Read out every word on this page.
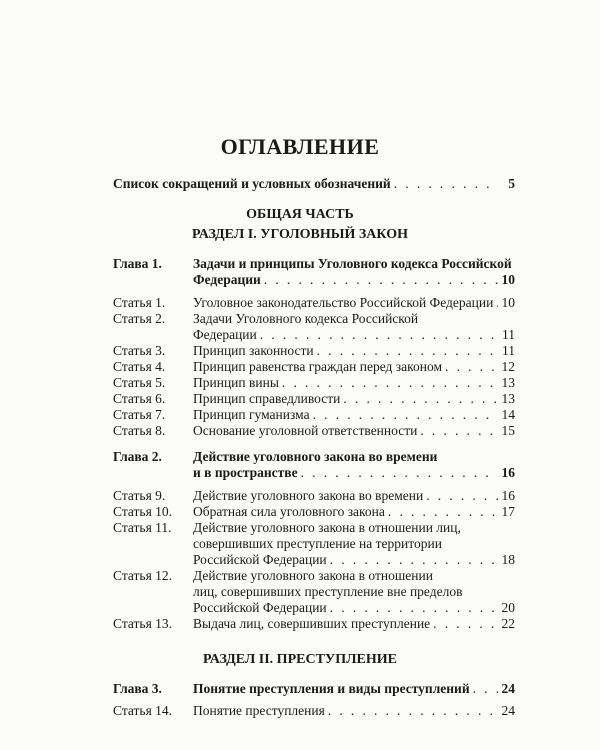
ОГЛАВЛЕНИЕ
Список сокращений и условных обозначений . . .	5
ОБЩАЯ ЧАСТЬ
РАЗДЕЛ I. УГОЛОВНЫЙ ЗАКОН
Глава 1. Задачи и принципы Уголовного кодекса Российской
Федерации . . .	10
Статья 1. Уголовное законодательство Российской Федерации . . . 10
Статья 2. Задачи Уголовного кодекса Российской
Федерации . . .	11
Статья 3. Принцип законности . . .	11
Статья 4. Принцип равенства граждан перед законом . . .	12
Статья 5. Принцип вины . . .	13
Статья 6. Принцип справедливости . . .	13
Статья 7. Принцип гуманизма . . .	14
Статья 8. Основание уголовной ответственности . . .	15
Глава 2. Действие уголовного закона во времени
и в пространстве . . .	16
Статья 9. Действие уголовного закона во времени . . .	16
Статья 10. Обратная сила уголовного закона . . .	17
Статья 11. Действие уголовного закона в отношении лиц,
совершивших преступление на территории
Российской Федерации . . .	18
Статья 12. Действие уголовного закона в отношении
лиц, совершивших преступление вне пределов
Российской Федерации . . .	20
Статья 13. Выдача лиц, совершивших преступление . . .	22
РАЗДЕЛ II. ПРЕСТУПЛЕНИЕ
Глава 3. Понятие преступления и виды преступлений . . . 24
Статья 14. Понятие преступления . . .	24
